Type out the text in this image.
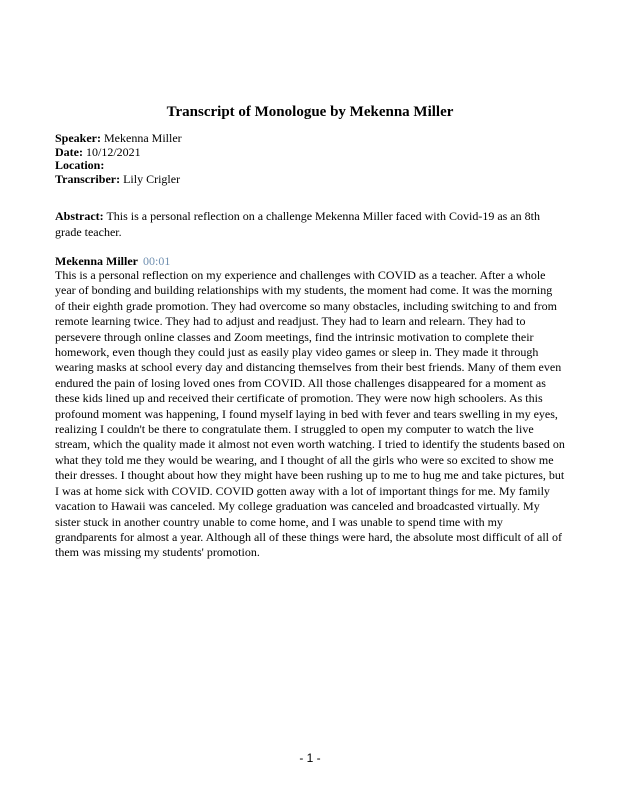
Transcript of Monologue by Mekenna Miller
Speaker: Mekenna Miller
Date: 10/12/2021
Location:
Transcriber: Lily Crigler
Abstract: This is a personal reflection on a challenge Mekenna Miller faced with Covid-19 as an 8th grade teacher.
Mekenna Miller 00:01
This is a personal reflection on my experience and challenges with COVID as a teacher. After a whole year of bonding and building relationships with my students, the moment had come. It was the morning of their eighth grade promotion. They had overcome so many obstacles, including switching to and from remote learning twice. They had to adjust and readjust. They had to learn and relearn. They had to persevere through online classes and Zoom meetings, find the intrinsic motivation to complete their homework, even though they could just as easily play video games or sleep in. They made it through wearing masks at school every day and distancing themselves from their best friends. Many of them even endured the pain of losing loved ones from COVID. All those challenges disappeared for a moment as these kids lined up and received their certificate of promotion. They were now high schoolers. As this profound moment was happening, I found myself laying in bed with fever and tears swelling in my eyes, realizing I couldn't be there to congratulate them. I struggled to open my computer to watch the live stream, which the quality made it almost not even worth watching. I tried to identify the students based on what they told me they would be wearing, and I thought of all the girls who were so excited to show me their dresses. I thought about how they might have been rushing up to me to hug me and take pictures, but I was at home sick with COVID. COVID gotten away with a lot of important things for me. My family vacation to Hawaii was canceled. My college graduation was canceled and broadcasted virtually. My sister stuck in another country unable to come home, and I was unable to spend time with my grandparents for almost a year. Although all of these things were hard, the absolute most difficult of all of them was missing my students' promotion.
- 1 -
